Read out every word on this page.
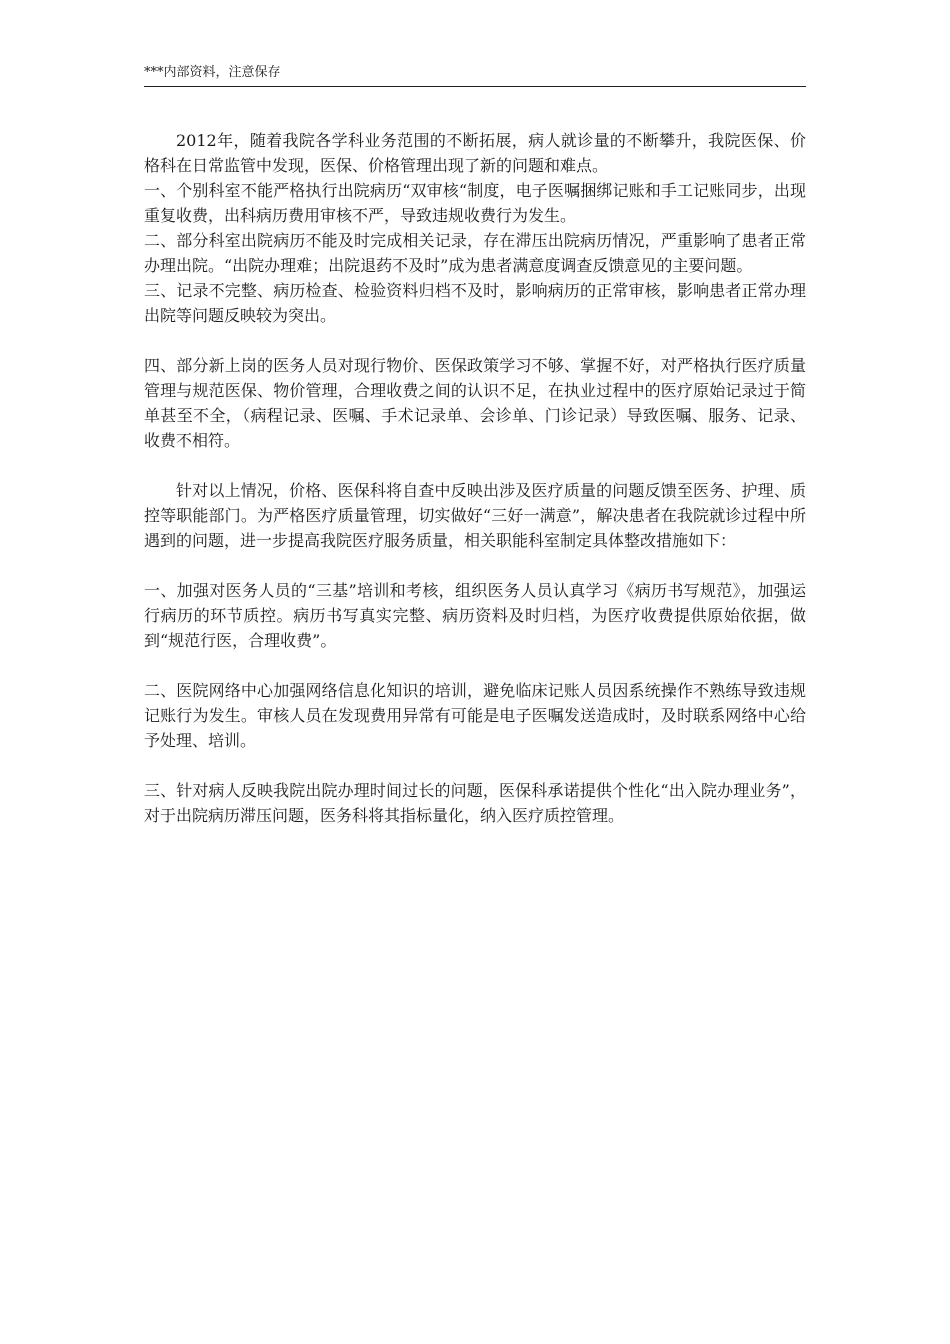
***内部资料，注意保存

2012年，随着我院各学科业务范围的不断拓展，病人就诊量的不断攀升，我院医保、价格科在日常监管中发现，医保、价格管理出现了新的问题和难点。

一、个别科室不能严格执行出院病历“双审核“制度，电子医嘱捆绑记账和手工记账同步，出现重复收费，出科病历费用审核不严，导致违规收费行为发生。

二、部分科室出院病历不能及时完成相关记录，存在滞压出院病历情况，严重影响了患者正常办理出院。“出院办理难；出院退药不及时”成为患者满意度调查反馈意见的主要问题。

三、记录不完整、病历检查、检验资料归档不及时，影响病历的正常审核，影响患者正常办理出院等问题反映较为突出。

四、部分新上岗的医务人员对现行物价、医保政策学习不够、掌握不好，对严格执行医疗质量管理与规范医保、物价管理，合理收费之间的认识不足，在执业过程中的医疗原始记录过于简单甚至不全，（病程记录、医嘱、手术记录单、会诊单、门诊记录）导致医嘱、服务、记录、收费不相符。

针对以上情况，价格、医保科将自查中反映出涉及医疗质量的问题反馈至医务、护理、质控等职能部门。为严格医疗质量管理，切实做好“三好一满意”，解决患者在我院就诊过程中所遇到的问题，进一步提高我院医疗服务质量，相关职能科室制定具体整改措施如下：

一、加强对医务人员的“三基”培训和考核，组织医务人员认真学习《病历书写规范》，加强运行病历的环节质控。病历书写真实完整、病历资料及时归档，为医疗收费提供原始依据，做到“规范行医，合理收费”。

二、医院网络中心加强网络信息化知识的培训，避免临床记账人员因系统操作不熟练导致违规记账行为发生。审核人员在发现费用异常有可能是电子医嘱发送造成时，及时联系网络中心给予处理、培训。

三、针对病人反映我院出院办理时间过长的问题，医保科承诺提供个性化“出入院办理业务”，对于出院病历滞压问题，医务科将其指标量化，纳入医疗质控管理。
